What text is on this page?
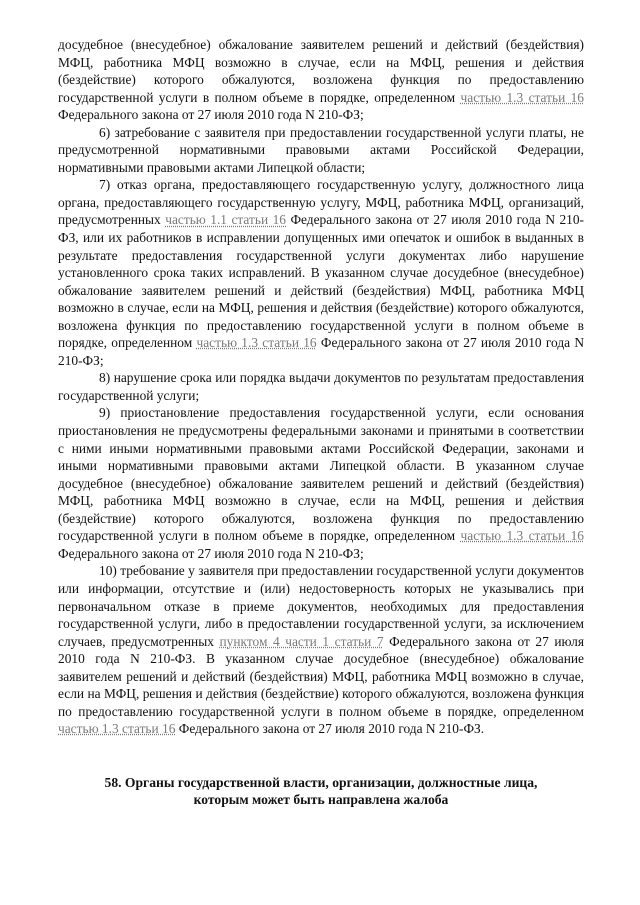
досудебное (внесудебное) обжалование заявителем решений и действий (бездействия) МФЦ, работника МФЦ возможно в случае, если на МФЦ, решения и действия (бездействие) которого обжалуются, возложена функция по предоставлению государственной услуги в полном объеме в порядке, определенном частью 1.3 статьи 16 Федерального закона от 27 июля 2010 года N 210-ФЗ;

6) затребование с заявителя при предоставлении государственной услуги платы, не предусмотренной нормативными правовыми актами Российской Федерации, нормативными правовыми актами Липецкой области;

7) отказ органа, предоставляющего государственную услугу, должностного лица органа, предоставляющего государственную услугу, МФЦ, работника МФЦ, организаций, предусмотренных частью 1.1 статьи 16 Федерального закона от 27 июля 2010 года N 210-ФЗ, или их работников в исправлении допущенных ими опечаток и ошибок в выданных в результате предоставления государственной услуги документах либо нарушение установленного срока таких исправлений. В указанном случае досудебное (внесудебное) обжалование заявителем решений и действий (бездействия) МФЦ, работника МФЦ возможно в случае, если на МФЦ, решения и действия (бездействие) которого обжалуются, возложена функция по предоставлению государственной услуги в полном объеме в порядке, определенном частью 1.3 статьи 16 Федерального закона от 27 июля 2010 года N 210-ФЗ;

8) нарушение срока или порядка выдачи документов по результатам предоставления государственной услуги;

9) приостановление предоставления государственной услуги, если основания приостановления не предусмотрены федеральными законами и принятыми в соответствии с ними иными нормативными правовыми актами Российской Федерации, законами и иными нормативными правовыми актами Липецкой области. В указанном случае досудебное (внесудебное) обжалование заявителем решений и действий (бездействия) МФЦ, работника МФЦ возможно в случае, если на МФЦ, решения и действия (бездействие) которого обжалуются, возложена функция по предоставлению государственной услуги в полном объеме в порядке, определенном частью 1.3 статьи 16 Федерального закона от 27 июля 2010 года N 210-ФЗ;

10) требование у заявителя при предоставлении государственной услуги документов или информации, отсутствие и (или) недостоверность которых не указывались при первоначальном отказе в приеме документов, необходимых для предоставления государственной услуги, либо в предоставлении государственной услуги, за исключением случаев, предусмотренных пунктом 4 части 1 статьи 7 Федерального закона от 27 июля 2010 года N 210-ФЗ. В указанном случае досудебное (внесудебное) обжалование заявителем решений и действий (бездействия) МФЦ, работника МФЦ возможно в случае, если на МФЦ, решения и действия (бездействие) которого обжалуются, возложена функция по предоставлению государственной услуги в полном объеме в порядке, определенном частью 1.3 статьи 16 Федерального закона от 27 июля 2010 года N 210-ФЗ.

58. Органы государственной власти, организации, должностные лица,
которым может быть направлена жалоба
